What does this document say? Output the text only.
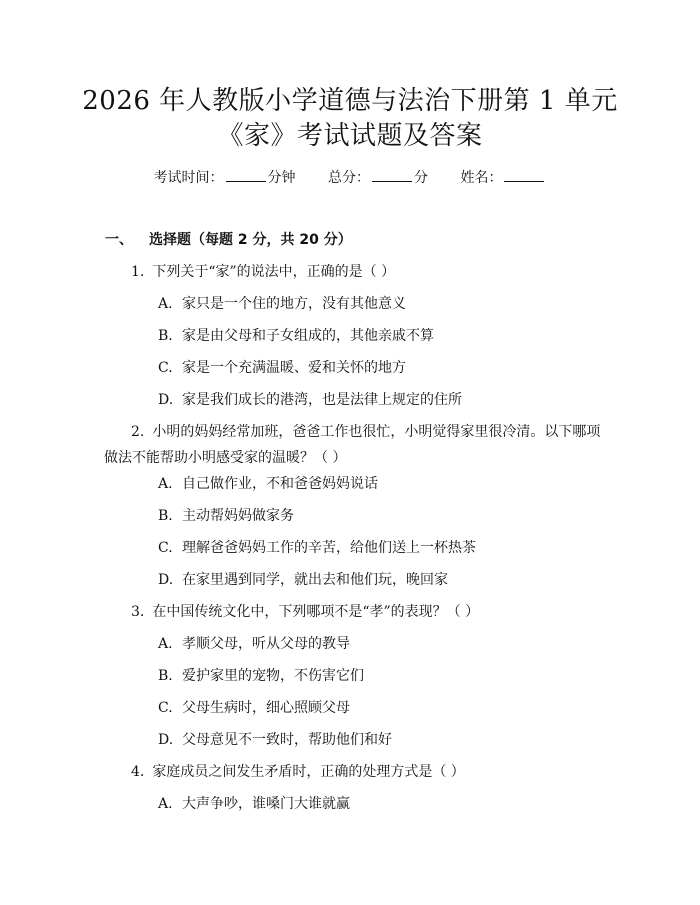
2026 年人教版小学道德与法治下册第 1 单元
《家》考试试题及答案
考试时间：	分钟 总分：	分 姓名：
一、 选择题（每题 2 分，共 20 分）
1. 下列关于“家”的说法中，正确的是（ ）
A. 家只是一个住的地方，没有其他意义
B. 家是由父母和子女组成的，其他亲戚不算
C. 家是一个充满温暖、爱和关怀的地方
D. 家是我们成长的港湾，也是法律上规定的住所
2. 小明的妈妈经常加班，爸爸工作也很忙，小明觉得家里很冷清。以下哪项
做法不能帮助小明感受家的温暖？（ ）
A. 自己做作业，不和爸爸妈妈说话
B. 主动帮妈妈做家务
C. 理解爸爸妈妈工作的辛苦，给他们送上一杯热茶
D. 在家里遇到同学，就出去和他们玩，晚回家
3. 在中国传统文化中，下列哪项不是“孝”的表现？（ ）
A. 孝顺父母，听从父母的教导
B. 爱护家里的宠物，不伤害它们
C. 父母生病时，细心照顾父母
D. 父母意见不一致时，帮助他们和好
4. 家庭成员之间发生矛盾时，正确的处理方式是（ ）
A. 大声争吵，谁嗓门大谁就赢
